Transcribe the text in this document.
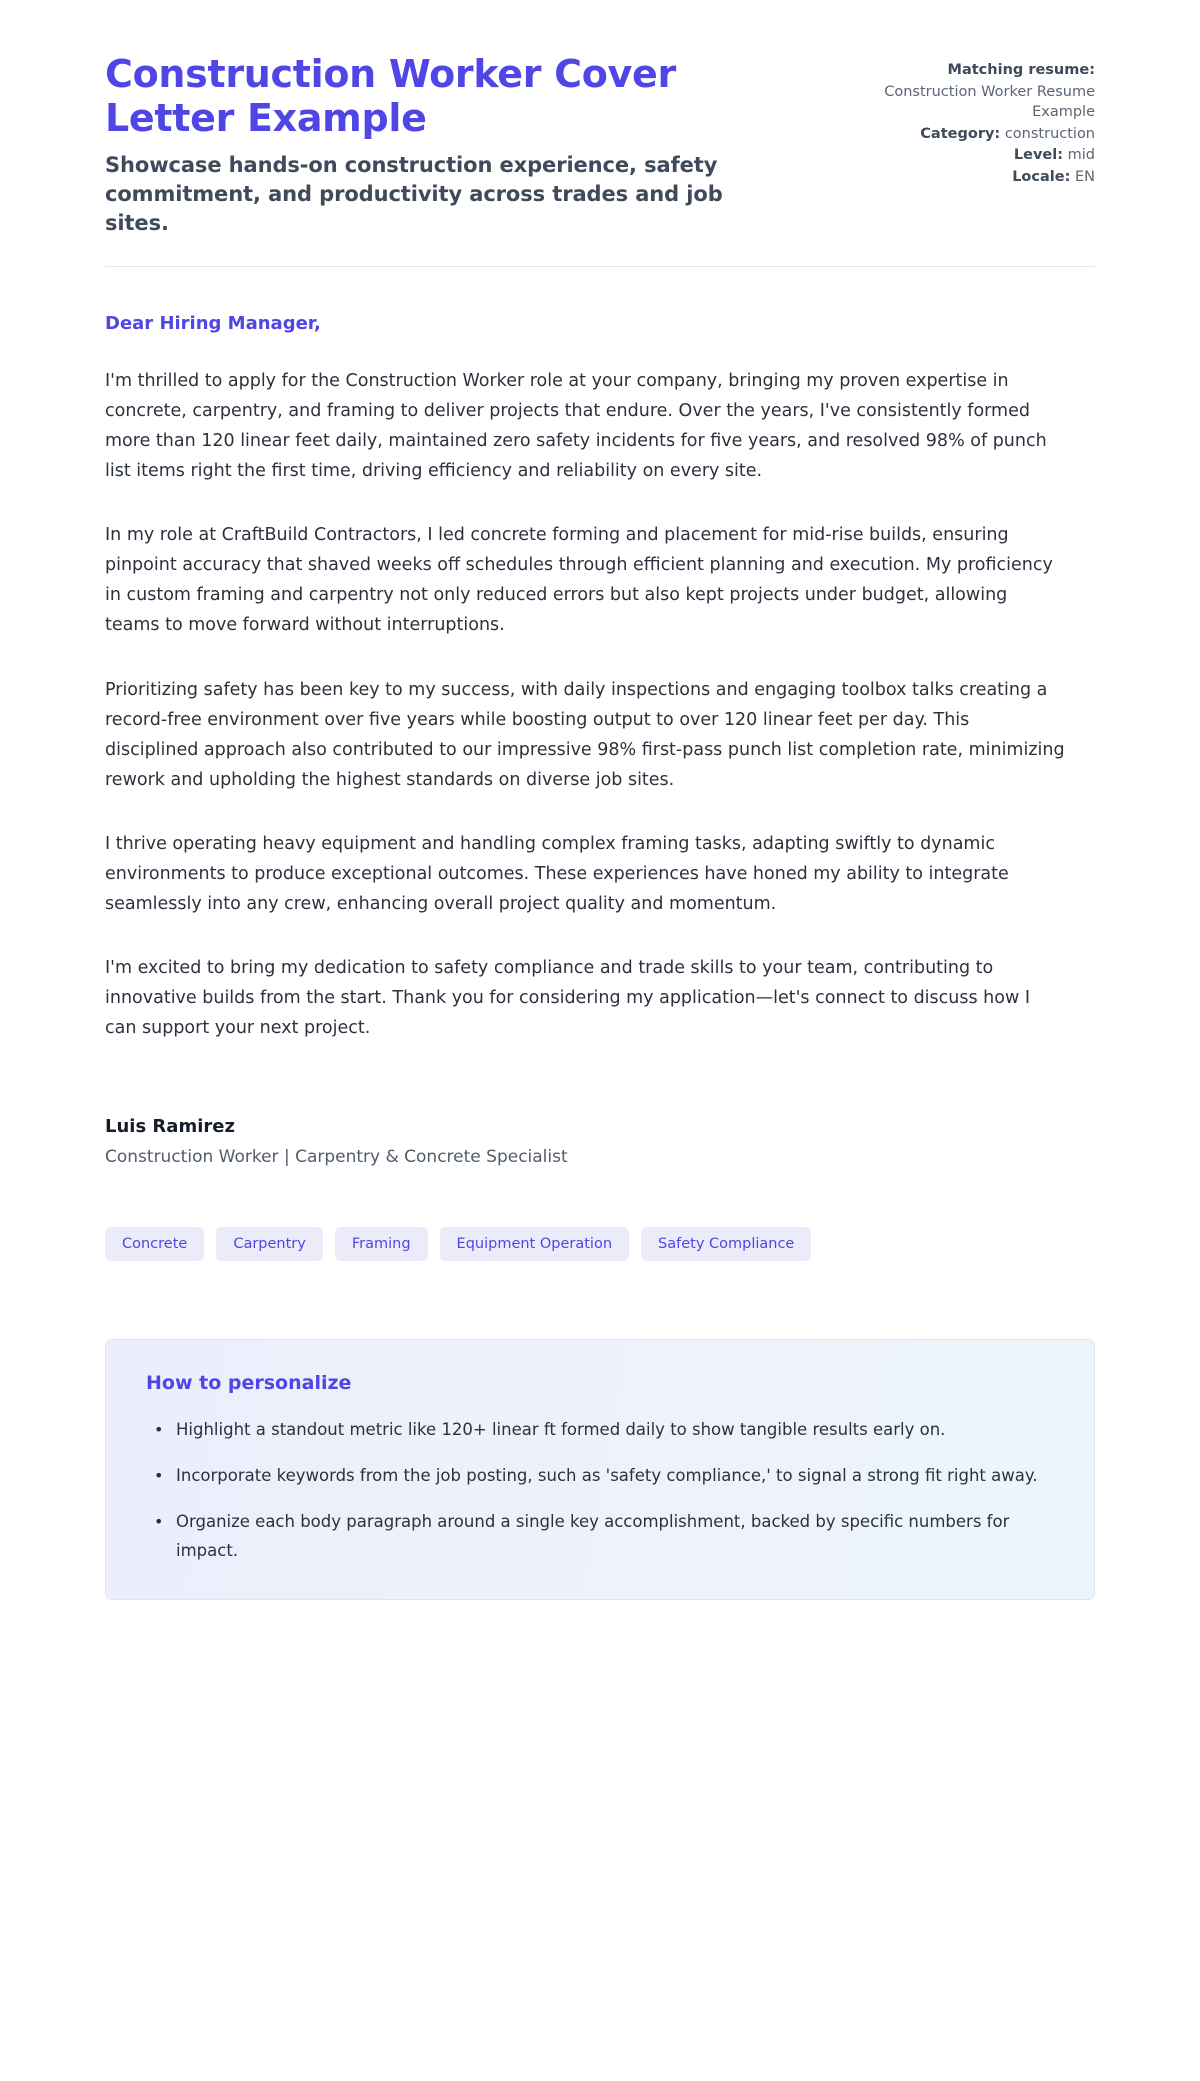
Construction Worker Cover Letter Example

Showcase hands-on construction experience, safety commitment, and productivity across trades and job sites.

Matching resume:
Construction Worker Resume Example
Category: construction
Level: mid
Locale: EN

Dear Hiring Manager,

I'm thrilled to apply for the Construction Worker role at your company, bringing my proven expertise in concrete, carpentry, and framing to deliver projects that endure. Over the years, I've consistently formed more than 120 linear feet daily, maintained zero safety incidents for five years, and resolved 98% of punch list items right the first time, driving efficiency and reliability on every site.

In my role at CraftBuild Contractors, I led concrete forming and placement for mid-rise builds, ensuring pinpoint accuracy that shaved weeks off schedules through efficient planning and execution. My proficiency in custom framing and carpentry not only reduced errors but also kept projects under budget, allowing teams to move forward without interruptions.

Prioritizing safety has been key to my success, with daily inspections and engaging toolbox talks creating a record-free environment over five years while boosting output to over 120 linear feet per day. This disciplined approach also contributed to our impressive 98% first-pass punch list completion rate, minimizing rework and upholding the highest standards on diverse job sites.

I thrive operating heavy equipment and handling complex framing tasks, adapting swiftly to dynamic environments to produce exceptional outcomes. These experiences have honed my ability to integrate seamlessly into any crew, enhancing overall project quality and momentum.

I'm excited to bring my dedication to safety compliance and trade skills to your team, contributing to innovative builds from the start. Thank you for considering my application—let's connect to discuss how I can support your next project.

Luis Ramirez

Construction Worker | Carpentry & Concrete Specialist

Concrete	Carpentry	Framing	Equipment Operation	Safety Compliance

How to personalize

• Highlight a standout metric like 120+ linear ft formed daily to show tangible results early on.
• Incorporate keywords from the job posting, such as 'safety compliance,' to signal a strong fit right away.
• Organize each body paragraph around a single key accomplishment, backed by specific numbers for impact.
